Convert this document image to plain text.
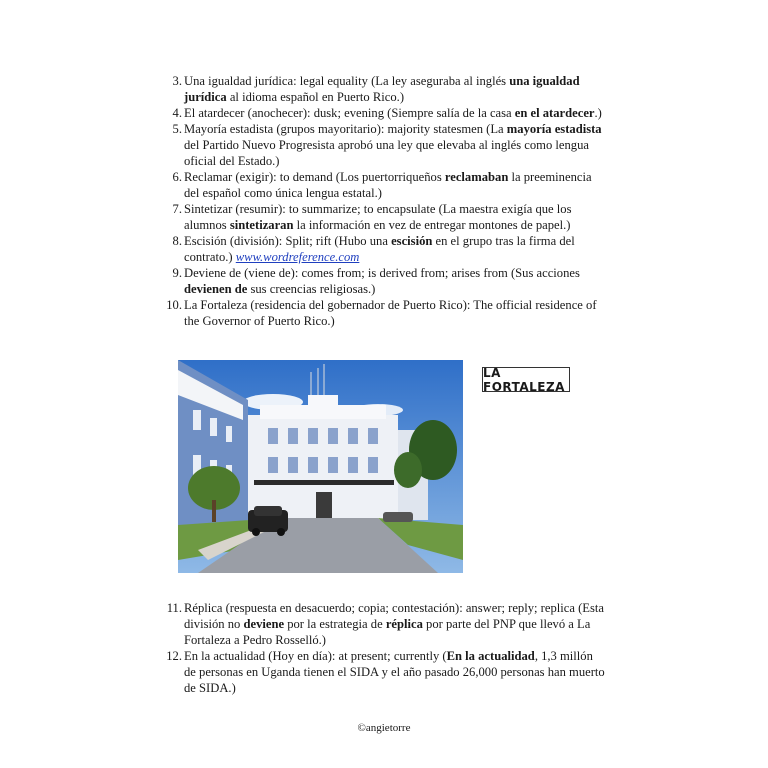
3. Una igualdad jurídica: legal equality (La ley aseguraba al inglés una igualdad jurídica al idioma español en Puerto Rico.)
4. El atardecer (anochecer): dusk; evening (Siempre salía de la casa en el atardecer.)
5. Mayoría estadista (grupos mayoritario): majority statesmen (La mayoría estadista del Partido Nuevo Progresista aprobó una ley que elevaba al inglés como lengua oficial del Estado.)
6. Reclamar (exigir): to demand (Los puertorriqueños reclamaban la preeminencia del español como única lengua estatal.)
7. Sintetizar (resumir): to summarize; to encapsulate (La maestra exigía que los alumnos sintetizaran la información en vez de entregar montones de papel.)
8. Escisión (división): Split; rift (Hubo una escisión en el grupo tras la firma del contrato.) www.wordreference.com
9. Deviene de (viene de): comes from; is derived from; arises from (Sus acciones devienen de sus creencias religiosas.)
10. La Fortaleza (residencia del gobernador de Puerto Rico): The official residence of the Governor of Puerto Rico.)
LA FORTALEZA
11. Réplica (respuesta en desacuerdo; copia; contestación): answer; reply; replica (Esta división no deviene por la estrategia de réplica por parte del PNP que llevó a La Fortaleza a Pedro Rosselló.)
12. En la actualidad (Hoy en día): at present; currently (En la actualidad, 1,3 millón de personas en Uganda tienen el SIDA y el año pasado 26,000 personas han muerto de SIDA.)
©angietorre
